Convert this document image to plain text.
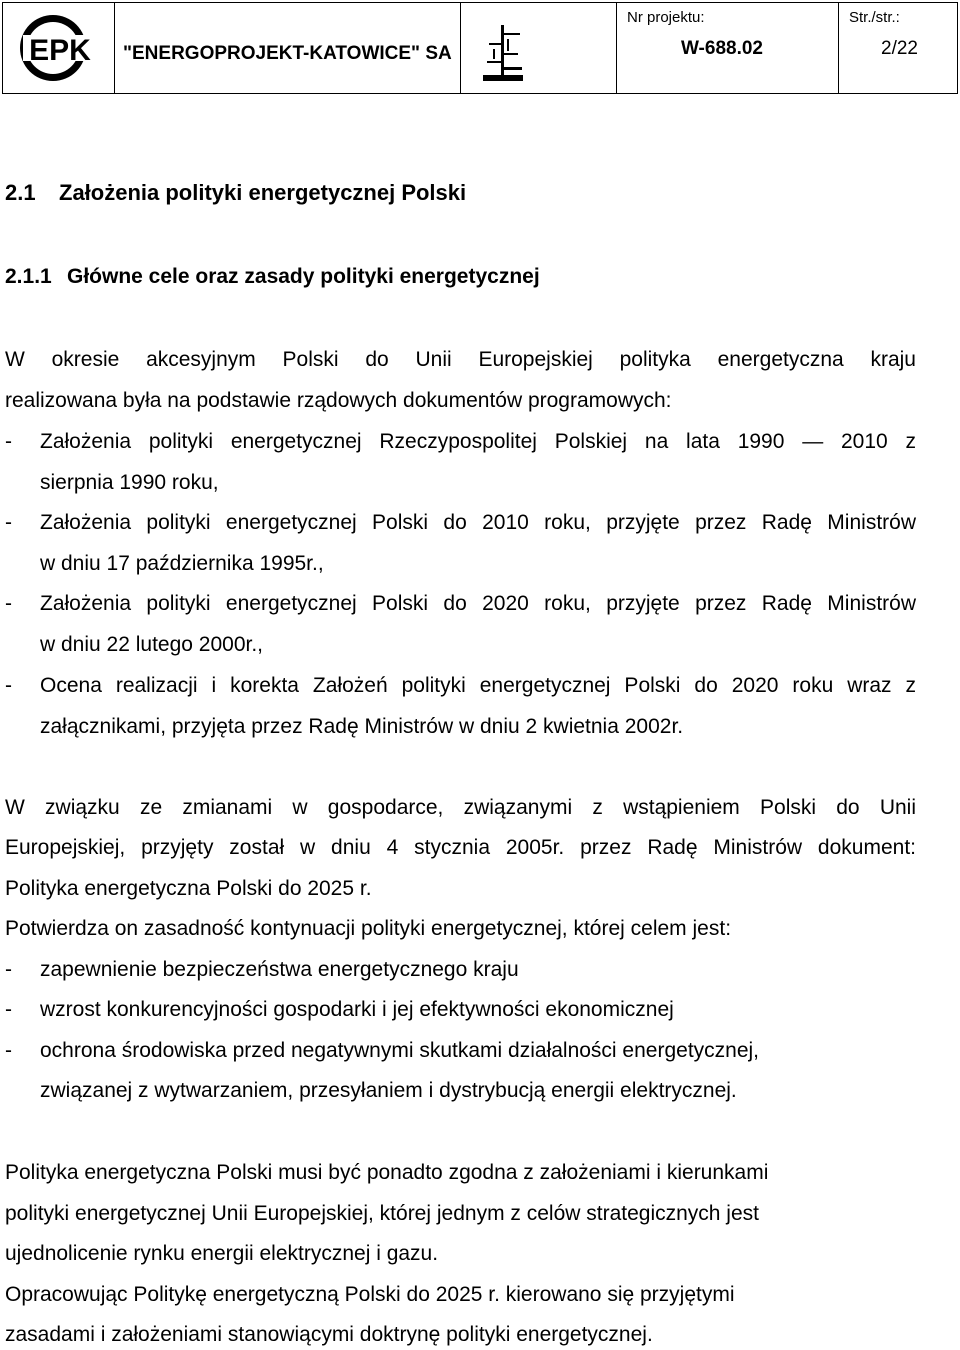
EPK "ENERGOPROJEKT-KATOWICE" SA
Nr projektu:
W-688.02
Str./str.:
2/22
2.1 Założenia polityki energetycznej Polski
2.1.1 Główne cele oraz zasady polityki energetycznej
W okresie akcesyjnym Polski do Unii Europejskiej polityka energetyczna kraju
realizowana była na podstawie rządowych dokumentów programowych:
- Założenia polityki energetycznej Rzeczypospolitej Polskiej na lata 1990 — 2010 z
sierpnia 1990 roku,
- Założenia polityki energetycznej Polski do 2010 roku, przyjęte przez Radę Ministrów
w dniu 17 października 1995r.,
- Założenia polityki energetycznej Polski do 2020 roku, przyjęte przez Radę Ministrów
w dniu 22 lutego 2000r.,
- Ocena realizacji i korekta Założeń polityki energetycznej Polski do 2020 roku wraz z
załącznikami, przyjęta przez Radę Ministrów w dniu 2 kwietnia 2002r.
W związku ze zmianami w gospodarce, związanymi z wstąpieniem Polski do Unii
Europejskiej, przyjęty został w dniu 4 stycznia 2005r. przez Radę Ministrów dokument:
Polityka energetyczna Polski do 2025 r.
Potwierdza on zasadność kontynuacji polityki energetycznej, której celem jest:
- zapewnienie bezpieczeństwa energetycznego kraju
- wzrost konkurencyjności gospodarki i jej efektywności ekonomicznej
- ochrona środowiska przed negatywnymi skutkami działalności energetycznej,
związanej z wytwarzaniem, przesyłaniem i dystrybucją energii elektrycznej.
Polityka energetyczna Polski musi być ponadto zgodna z założeniami i kierunkami
polityki energetycznej Unii Europejskiej, której jednym z celów strategicznych jest
ujednolicenie rynku energii elektrycznej i gazu.
Opracowując Politykę energetyczną Polski do 2025 r. kierowano się przyjętymi
zasadami i założeniami stanowiącymi doktrynę polityki energetycznej.
